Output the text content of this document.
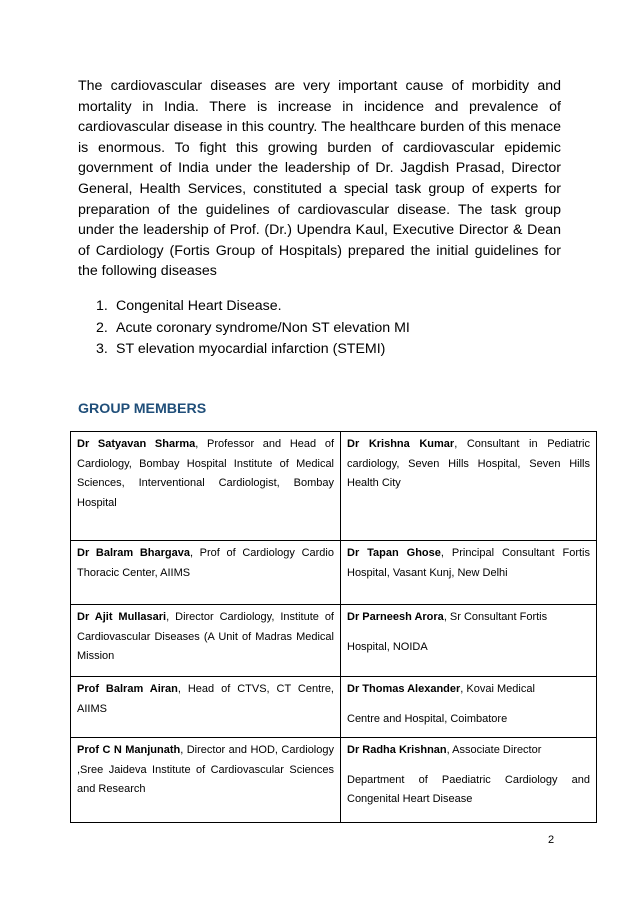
The cardiovascular diseases are very important cause of morbidity and mortality in India. There is increase in incidence and prevalence of cardiovascular disease in this country. The healthcare burden of this menace is enormous. To fight this growing burden of cardiovascular epidemic government of India under the leadership of Dr. Jagdish Prasad, Director General, Health Services, constituted a special task group of experts for preparation of the guidelines of cardiovascular disease. The task group under the leadership of Prof. (Dr.) Upendra Kaul, Executive Director & Dean of Cardiology (Fortis Group of Hospitals) prepared the initial guidelines for the following diseases

1. Congenital Heart Disease.
2. Acute coronary syndrome/Non ST elevation MI
3. ST elevation myocardial infarction (STEMI)
GROUP MEMBERS
Dr Satyavan Sharma, Professor and Head of Cardiology, Bombay Hospital Institute of Medical Sciences, Interventional Cardiologist, Bombay Hospital	Dr Krishna Kumar, Consultant in Pediatric cardiology, Seven Hills Hospital, Seven Hills Health City
Dr Balram Bhargava, Prof of Cardiology Cardio Thoracic Center, AIIMS	Dr Tapan Ghose, Principal Consultant Fortis Hospital, Vasant Kunj, New Delhi
Dr Ajit Mullasari, Director Cardiology, Institute of Cardiovascular Diseases (A Unit of Madras Medical Mission	Dr Parneesh Arora, Sr Consultant Fortis
Hospital, NOIDA
Prof Balram Airan, Head of CTVS, CT Centre, AIIMS	Dr Thomas Alexander, Kovai Medical
Centre and Hospital, Coimbatore
Prof C N Manjunath, Director and HOD, Cardiology ,Sree Jaideva Institute of Cardiovascular Sciences and Research	Dr Radha Krishnan, Associate Director
Department of Paediatric Cardiology and Congenital Heart Disease
2
